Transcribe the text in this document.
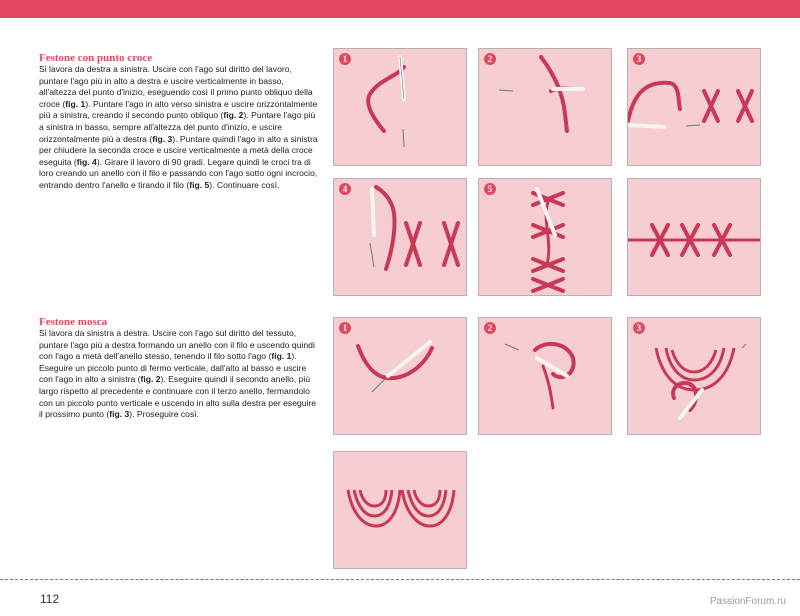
Festone con punto croce
Si lavora da destra a sinistra. Uscire con l'ago sul diritto del lavoro, puntare l'ago più in alto a destra e uscire verticalmente in basso, all'altezza del punto d'inizio, eseguendo così il primo punto obliquo della croce (fig. 1). Puntare l'ago in alto verso sinistra e uscire orizzontalmente più a sinistra, creando il secondo punto obliquo (fig. 2). Puntare l'ago più a sinistra in basso, sempre all'altezza del punto d'inizio, e uscire orizzontalmente più a destra (fig. 3). Puntare quindi l'ago in alto a sinistra per chiudere la seconda croce e uscire verticalmente a metà della croce eseguita (fig. 4). Girare il lavoro di 90 gradi. Legare quindi le croci tra di loro creando un anello con il filo e passando con l'ago sotto ogni incrocio, entrando dentro l'anello e tirando il filo (fig. 5). Continuare così.
Festone mosca
Si lavora da sinistra a destra. Uscire con l'ago sul diritto del tessuto, puntare l'ago più a destra formando un anello con il filo e uscendo quindi con l'ago a metà dell'anello stesso, tenendo il filo sotto l'ago (fig. 1). Eseguire un piccolo punto di fermo verticale, dall'alto al basso e uscire con l'ago in alto a sinistra (fig. 2). Eseguire quindi il secondo anello, più largo rispetto al precedente e continuare con il terzo anello, fermandolo con un piccolo punto verticale e uscendo in alto sulla destra per eseguire il prossimo punto (fig. 3). Proseguire così.
1	2	3
4	5
1	2	3
112	PassionForum.ru
